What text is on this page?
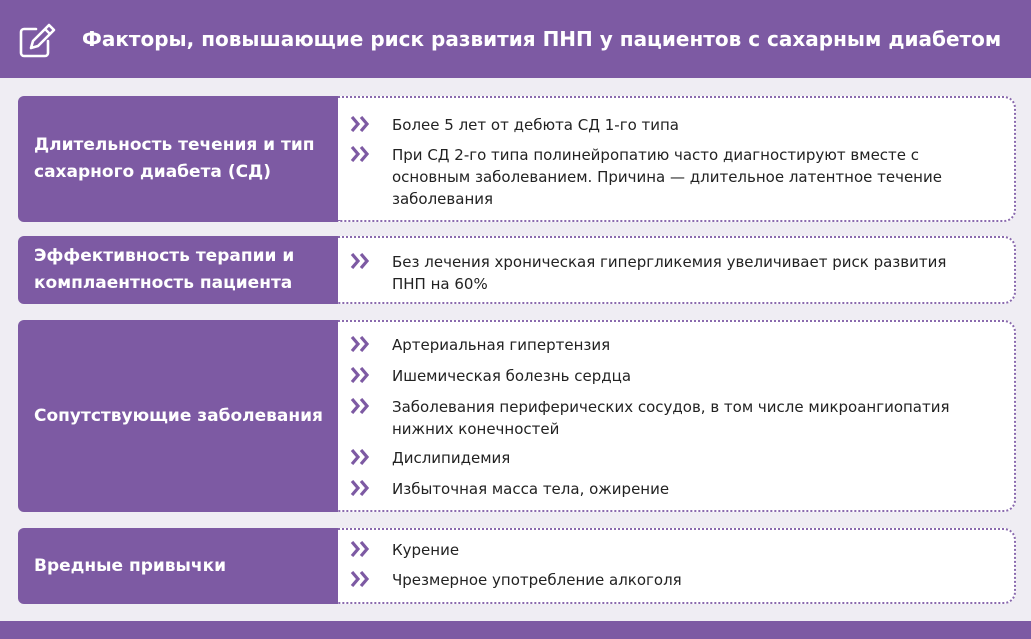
Факторы, повышающие риск развития ПНП у пациентов с сахарным диабетом
Длительность течения и тип сахарного диабета (СД)
Более 5 лет от дебюта СД 1-го типа
При СД 2-го типа полинейропатию часто диагностируют вместе с основным заболеванием. Причина — длительное латентное течение заболевания
Эффективность терапии и комплаентность пациента
Без лечения хроническая гипергликемия увеличивает риск развития ПНП на 60%
Сопутствующие заболевания
Артериальная гипертензия
Ишемическая болезнь сердца
Заболевания периферических сосудов, в том числе микроангиопатия нижних конечностей
Дислипидемия
Избыточная масса тела, ожирение
Вредные привычки
Курение
Чрезмерное употребление алкоголя
